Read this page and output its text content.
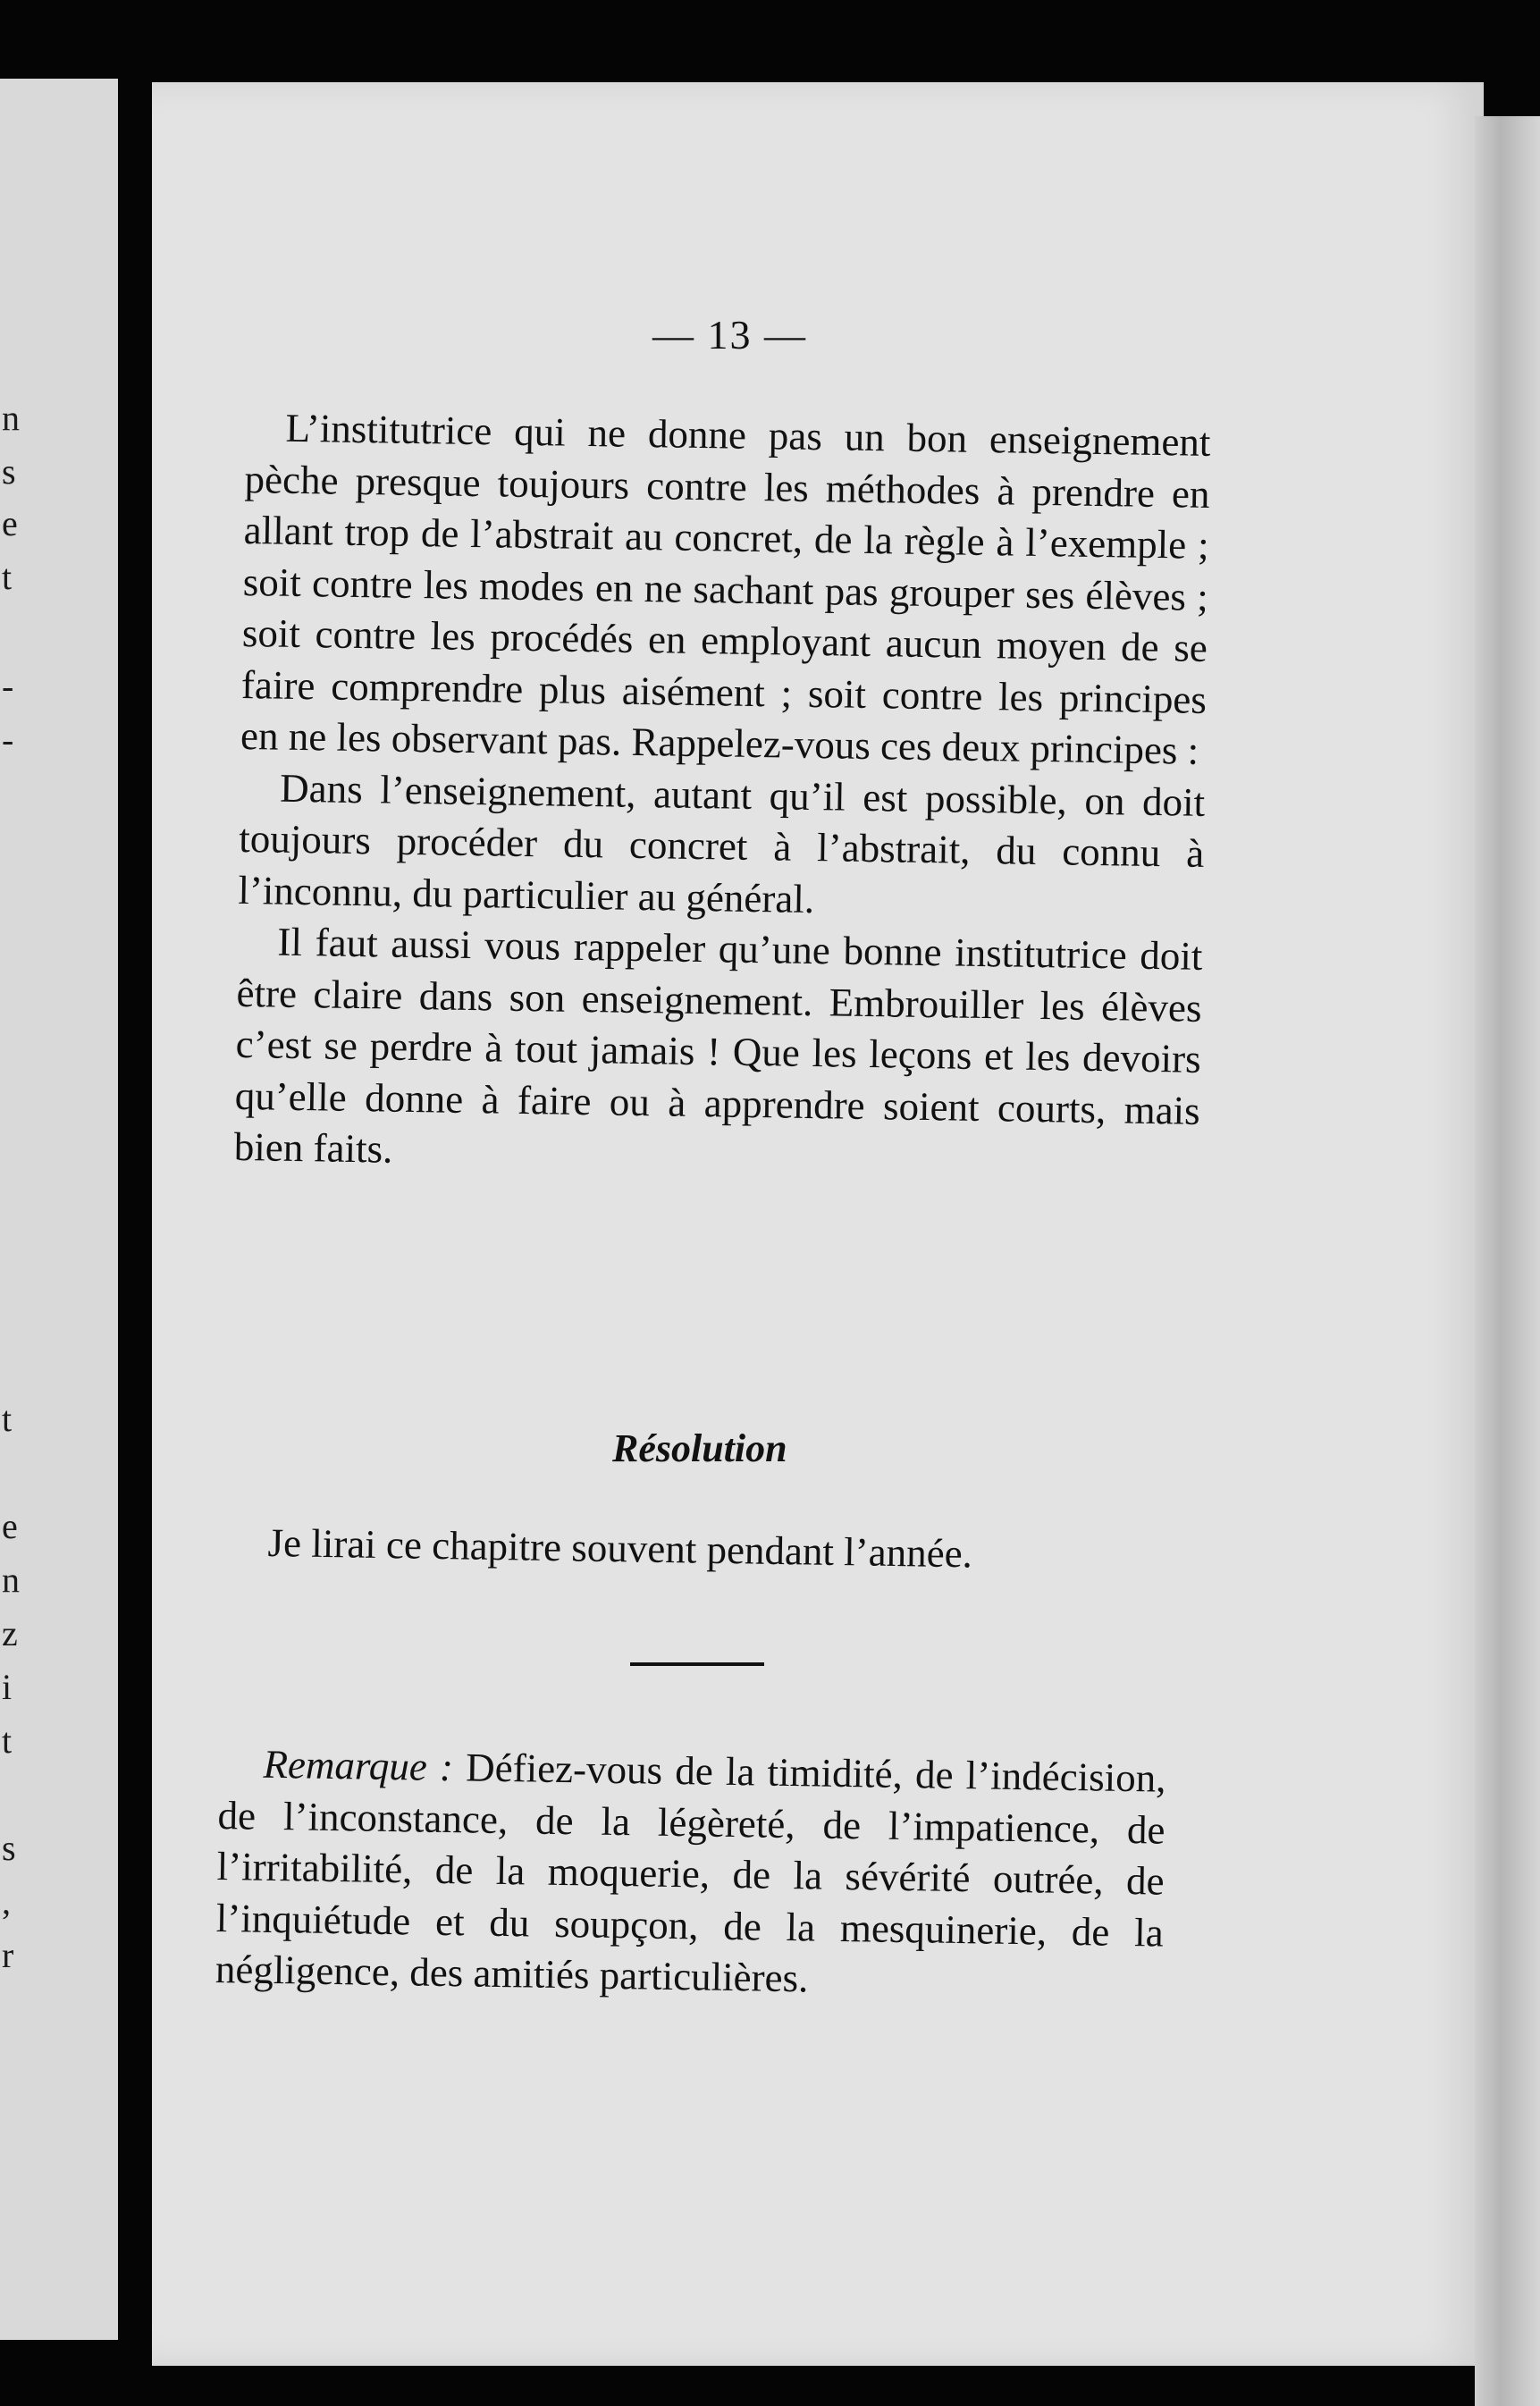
n
s
e
t
-
-
t
e
n
z
i
t
s
,
r
— 13 —

L’institutrice qui ne donne pas un bon enseignement pèche presque toujours contre les méthodes à prendre en allant trop de l’abstrait au concret, de la règle à l’exemple ; soit contre les modes en ne sachant pas grouper ses élèves ; soit contre les procédés en employant aucun moyen de se faire comprendre plus aisément ; soit contre les principes en ne les observant pas. Rappelez-vous ces deux principes :

Dans l’enseignement, autant qu’il est possible, on doit toujours procéder du concret à l’abstrait, du connu à l’inconnu, du particulier au général.

Il faut aussi vous rappeler qu’une bonne institutrice doit être claire dans son enseignement. Embrouiller les élèves c’est se perdre à tout jamais ! Que les leçons et les devoirs qu’elle donne à faire ou à apprendre soient courts, mais bien faits.

Résolution
Je lirai ce chapitre souvent pendant l’année.

Remarque : Défiez-vous de la timidité, de l’indécision, de l’inconstance, de la légèreté, de l’impatience, de l’irritabilité, de la moquerie, de la sévérité outrée, de l’inquiétude et du soupçon, de la mesquinerie, de la négligence, des amitiés particulières.
